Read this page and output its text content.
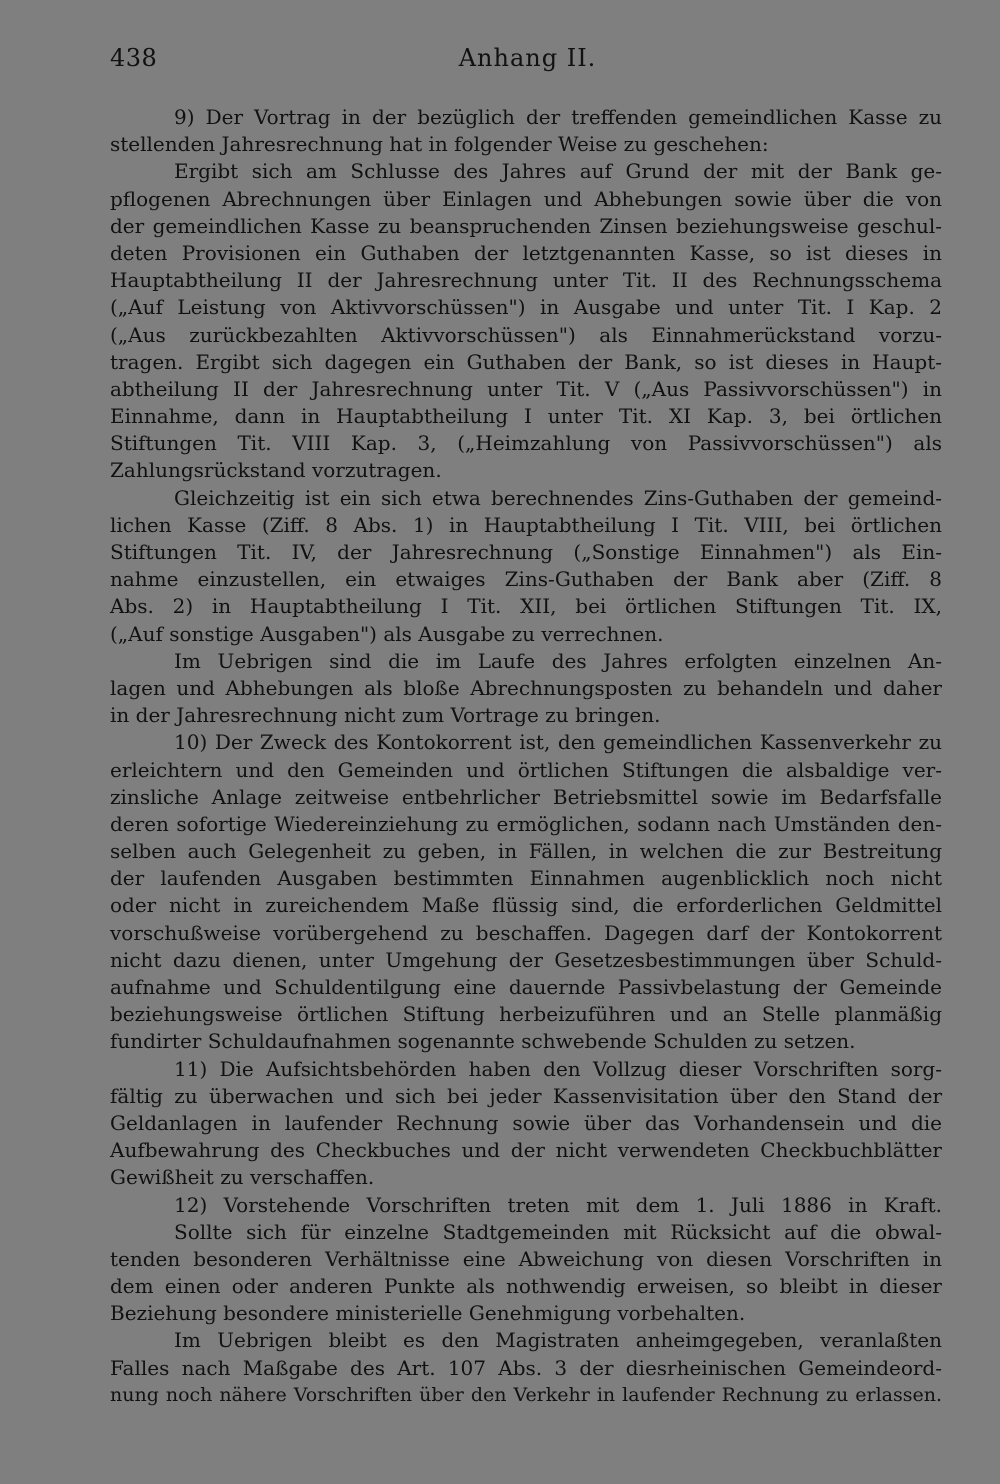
438	Anhang II.
9) Der Vortrag in der bezüglich der treffenden gemeindlichen Kasse zu
stellenden Jahresrechnung hat in folgender Weise zu geschehen:
Ergibt sich am Schlusse des Jahres auf Grund der mit der Bank ge-
pflogenen Abrechnungen über Einlagen und Abhebungen sowie über die von
der gemeindlichen Kasse zu beanspruchenden Zinsen beziehungsweise geschul-
deten Provisionen ein Guthaben der letztgenannten Kasse, so ist dieses in
Hauptabtheilung II der Jahresrechnung unter Tit. II des Rechnungsschema
(„Auf Leistung von Aktivvorschüssen") in Ausgabe und unter Tit. I Kap. 2
(„Aus zurückbezahlten Aktivvorschüssen") als Einnahmerückstand vorzu-
tragen. Ergibt sich dagegen ein Guthaben der Bank, so ist dieses in Haupt-
abtheilung II der Jahresrechnung unter Tit. V („Aus Passivvorschüssen") in
Einnahme, dann in Hauptabtheilung I unter Tit. XI Kap. 3, bei örtlichen
Stiftungen Tit. VIII Kap. 3, („Heimzahlung von Passivvorschüssen") als
Zahlungsrückstand vorzutragen.
Gleichzeitig ist ein sich etwa berechnendes Zins-Guthaben der gemeind-
lichen Kasse (Ziff. 8 Abs. 1) in Hauptabtheilung I Tit. VIII, bei örtlichen
Stiftungen Tit. IV, der Jahresrechnung („Sonstige Einnahmen") als Ein-
nahme einzustellen, ein etwaiges Zins-Guthaben der Bank aber (Ziff. 8
Abs. 2) in Hauptabtheilung I Tit. XII, bei örtlichen Stiftungen Tit. IX,
(„Auf sonstige Ausgaben") als Ausgabe zu verrechnen.
Im Uebrigen sind die im Laufe des Jahres erfolgten einzelnen An-
lagen und Abhebungen als bloße Abrechnungsposten zu behandeln und daher
in der Jahresrechnung nicht zum Vortrage zu bringen.
10) Der Zweck des Kontokorrent ist, den gemeindlichen Kassenverkehr zu
erleichtern und den Gemeinden und örtlichen Stiftungen die alsbaldige ver-
zinsliche Anlage zeitweise entbehrlicher Betriebsmittel sowie im Bedarfsfalle
deren sofortige Wiedereinziehung zu ermöglichen, sodann nach Umständen den-
selben auch Gelegenheit zu geben, in Fällen, in welchen die zur Bestreitung
der laufenden Ausgaben bestimmten Einnahmen augenblicklich noch nicht
oder nicht in zureichendem Maße flüssig sind, die erforderlichen Geldmittel
vorschußweise vorübergehend zu beschaffen. Dagegen darf der Kontokorrent
nicht dazu dienen, unter Umgehung der Gesetzesbestimmungen über Schuld-
aufnahme und Schuldentilgung eine dauernde Passivbelastung der Gemeinde
beziehungsweise örtlichen Stiftung herbeizuführen und an Stelle planmäßig
fundirter Schuldaufnahmen sogenannte schwebende Schulden zu setzen.
11) Die Aufsichtsbehörden haben den Vollzug dieser Vorschriften sorg-
fältig zu überwachen und sich bei jeder Kassenvisitation über den Stand der
Geldanlagen in laufender Rechnung sowie über das Vorhandensein und die
Aufbewahrung des Checkbuches und der nicht verwendeten Checkbuchblätter
Gewißheit zu verschaffen.
12) Vorstehende Vorschriften treten mit dem 1. Juli 1886 in Kraft.
Sollte sich für einzelne Stadtgemeinden mit Rücksicht auf die obwal-
tenden besonderen Verhältnisse eine Abweichung von diesen Vorschriften in
dem einen oder anderen Punkte als nothwendig erweisen, so bleibt in dieser
Beziehung besondere ministerielle Genehmigung vorbehalten.
Im Uebrigen bleibt es den Magistraten anheimgegeben, veranlaßten
Falles nach Maßgabe des Art. 107 Abs. 3 der diesrheinischen Gemeindeord-
nung noch nähere Vorschriften über den Verkehr in laufender Rechnung zu erlassen.
